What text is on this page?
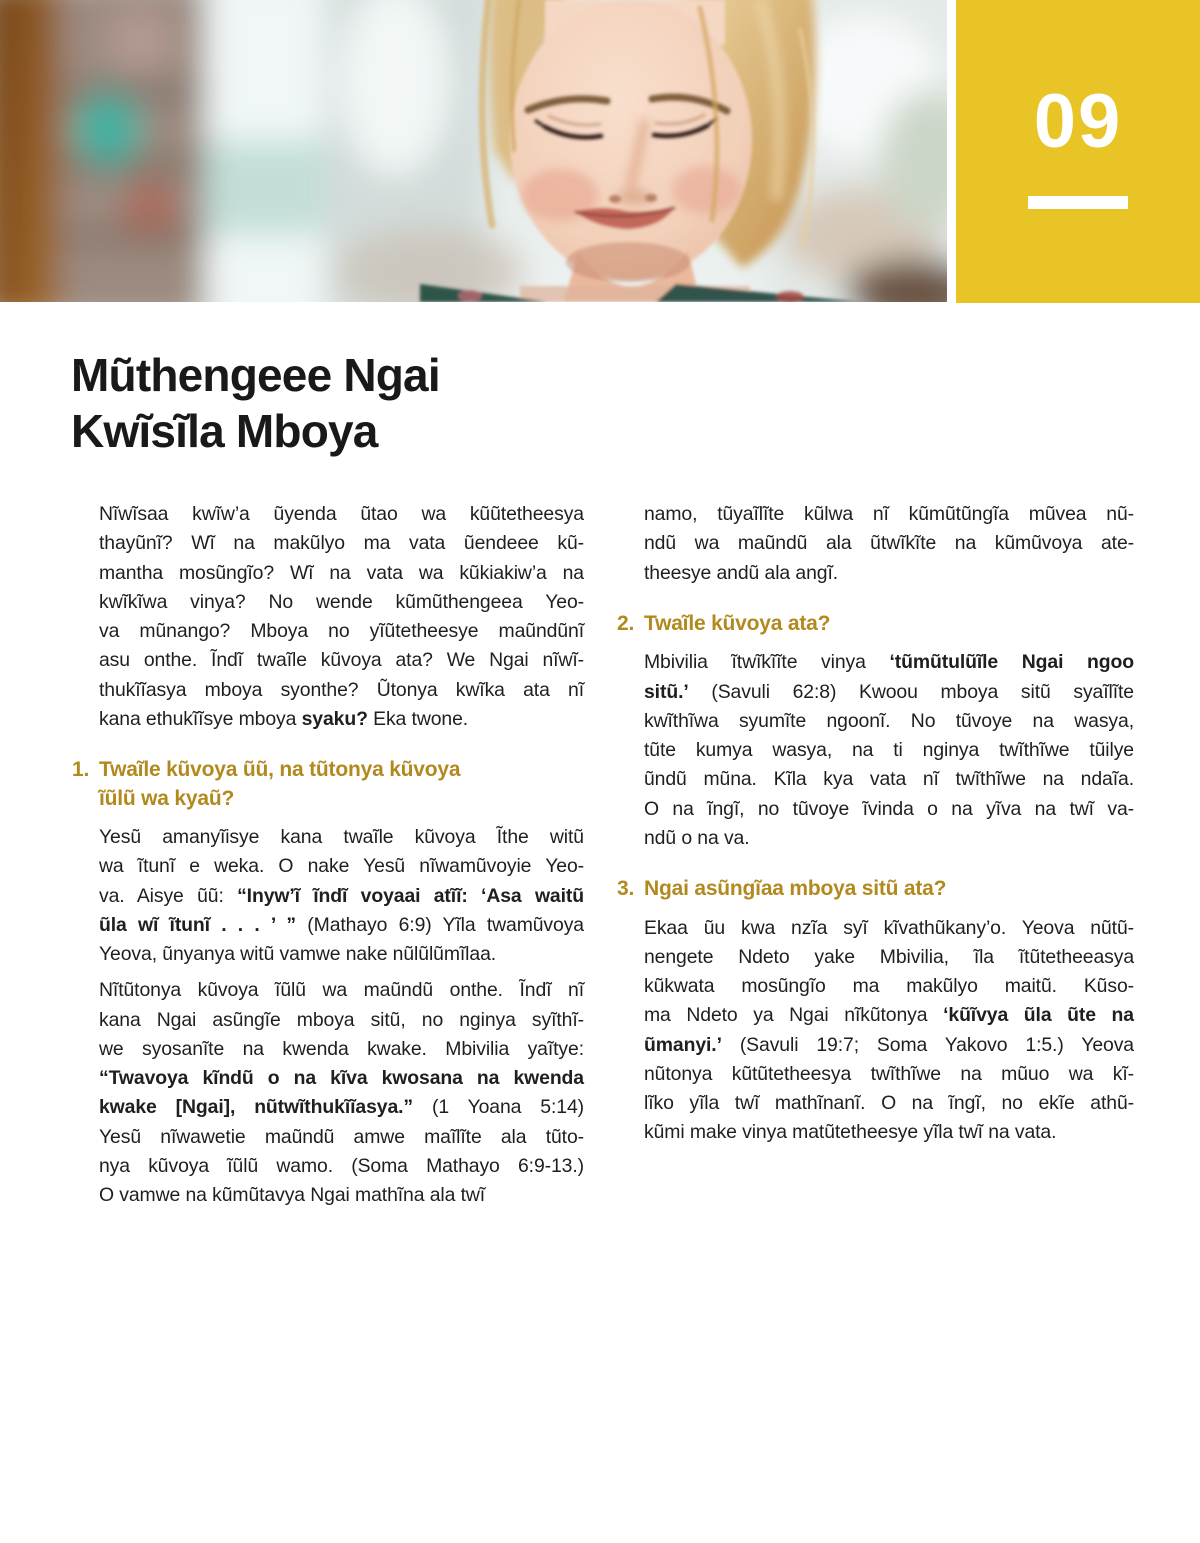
09
Mũthengeee Ngai
Kwĩsĩla Mboya
Nĩwĩsaa kwĩw’a ũyenda ũtao wa kũũtetheesya
thayũnĩ? Wĩ na makũlyo ma vata ũendeee kũ-
mantha mosũngĩo? Wĩ na vata wa kũkiakiw’a na
kwĩkĩwa vinya? No wende kũmũthengeea Yeo-
va mũnango? Mboya no yĩũtetheesye maũndũnĩ
asu onthe. Ĩndĩ twaĩle kũvoya ata? We Ngai nĩwĩ-
thukĩĩasya mboya syonthe? Ũtonya kwĩka ata nĩ
kana ethukĩĩsye mboya syaku? Eka twone.
1. Twaĩle kũvoya ũũ, na tũtonya kũvoya
ĩũlũ wa kyaũ?
Yesũ amanyĩisye kana twaĩle kũvoya Ĩthe witũ
wa ĩtunĩ e weka. O nake Yesũ nĩwamũvoyie Yeo-
va. Aisye ũũ: “Inyw’ĩ ĩndĩ voyaai atĩĩ: ‘Asa waitũ
ũla wĩ ĩtunĩ . . . ’ ” (Mathayo 6:9) Yĩla twamũvoya
Yeova, ũnyanya witũ vamwe nake nũlũlũmĩlaa.
Nĩtũtonya kũvoya ĩũlũ wa maũndũ onthe. Ĩndĩ nĩ
kana Ngai asũngĩe mboya sitũ, no nginya syĩthĩ-
we syosanĩte na kwenda kwake. Mbivilia yaĩtye:
“Twavoya kĩndũ o na kĩva kwosana na kwenda
kwake [Ngai], nũtwĩthukĩĩasya.” (1 Yoana 5:14)
Yesũ nĩwawetie maũndũ amwe maĩlĩte ala tũto-
nya kũvoya ĩũlũ wamo. (Soma Mathayo 6:9-13.)
O vamwe na kũmũtavya Ngai mathĩna ala twĩ
namo, tũyaĩlĩte kũlwa nĩ kũmũtũngĩa mũvea nũ-
ndũ wa maũndũ ala ũtwĩkĩte na kũmũvoya ate-
theesye andũ ala angĩ.
2. Twaĩle kũvoya ata?
Mbivilia ĩtwĩkĩĩte vinya ‘tũmũtulũĩle Ngai ngoo
sitũ.’ (Savuli 62:8) Kwoou mboya sitũ syaĩlĩte
kwĩthĩwa syumĩte ngoonĩ. No tũvoye na wasya,
tũte kumya wasya, na ti nginya twĩthĩwe tũilye
ũndũ mũna. Kĩla kya vata nĩ twĩthĩwe na ndaĩa.
O na ĩngĩ, no tũvoye ĩvinda o na yĩva na twĩ va-
ndũ o na va.
3. Ngai asũngĩaa mboya sitũ ata?
Ekaa ũu kwa nzĩa syĩ kĩvathũkany’o. Yeova nũtũ-
nengete Ndeto yake Mbivilia, ĩla ĩtũtetheeasya
kũkwata mosũngĩo ma makũlyo maitũ. Kũso-
ma Ndeto ya Ngai nĩkũtonya ‘kũĩvya ũla ũte na
ũmanyi.’ (Savuli 19:7; Soma Yakovo 1:5.) Yeova
nũtonya kũtũtetheesya twĩthĩwe na mũuo wa kĩ-
lĩko yĩla twĩ mathĩnanĩ. O na ĩngĩ, no ekĩe athũ-
kũmi make vinya matũtetheesye yĩla twĩ na vata.
